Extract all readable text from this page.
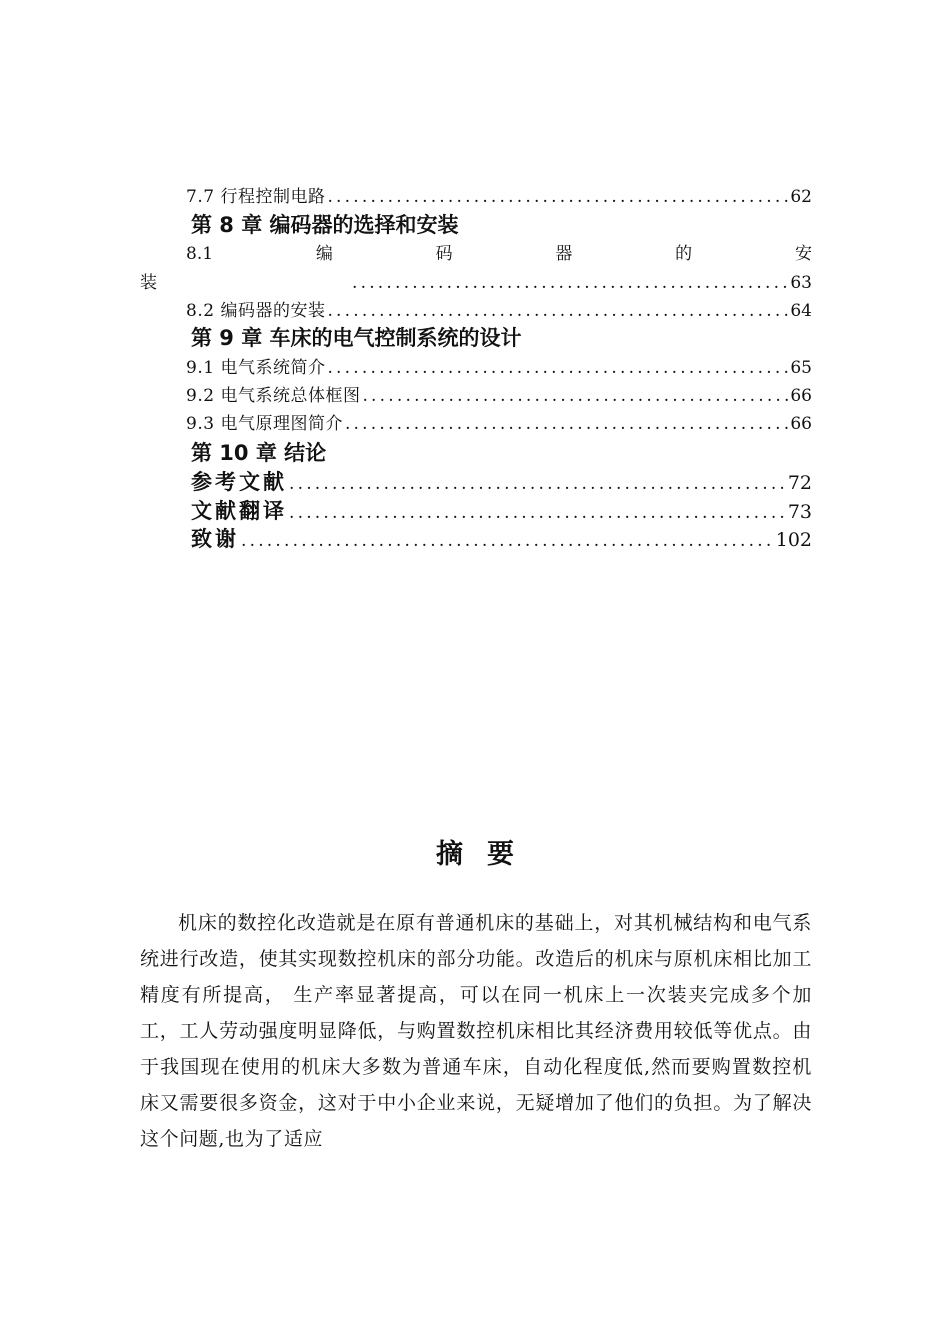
7.7 行程控制电路 .....	62
第 8 章 编码器的选择和安装
8.1	编	码	器	的	安
装 .....	63
8.2 编码器的安装 .....	64
第 9 章 车床的电气控制系统的设计
9.1 电气系统简介 .....	65
9.2 电气系统总体框图 .....	66
9.3 电气原理图简介 .....	66
第 10 章 结论
参考文献 .....	72
文献翻译 .....	73
致谢 .....	102
摘要

机床的数控化改造就是在原有普通机床的基础上，对其机械结构和电气系统进行改造，使其实现数控机床的部分功能。改造后的机床与原机床相比加工精度有所提高， 生产率显著提高，可以在同一机床上一次装夹完成多个加工，工人劳动强度明显降低，与购置数控机床相比其经济费用较低等优点。由于我国现在使用的机床大多数为普通车床，自动化程度低,然而要购置数控机床又需要很多资金，这对于中小企业来说，无疑增加了他们的负担。为了解决这个问题,也为了适应
